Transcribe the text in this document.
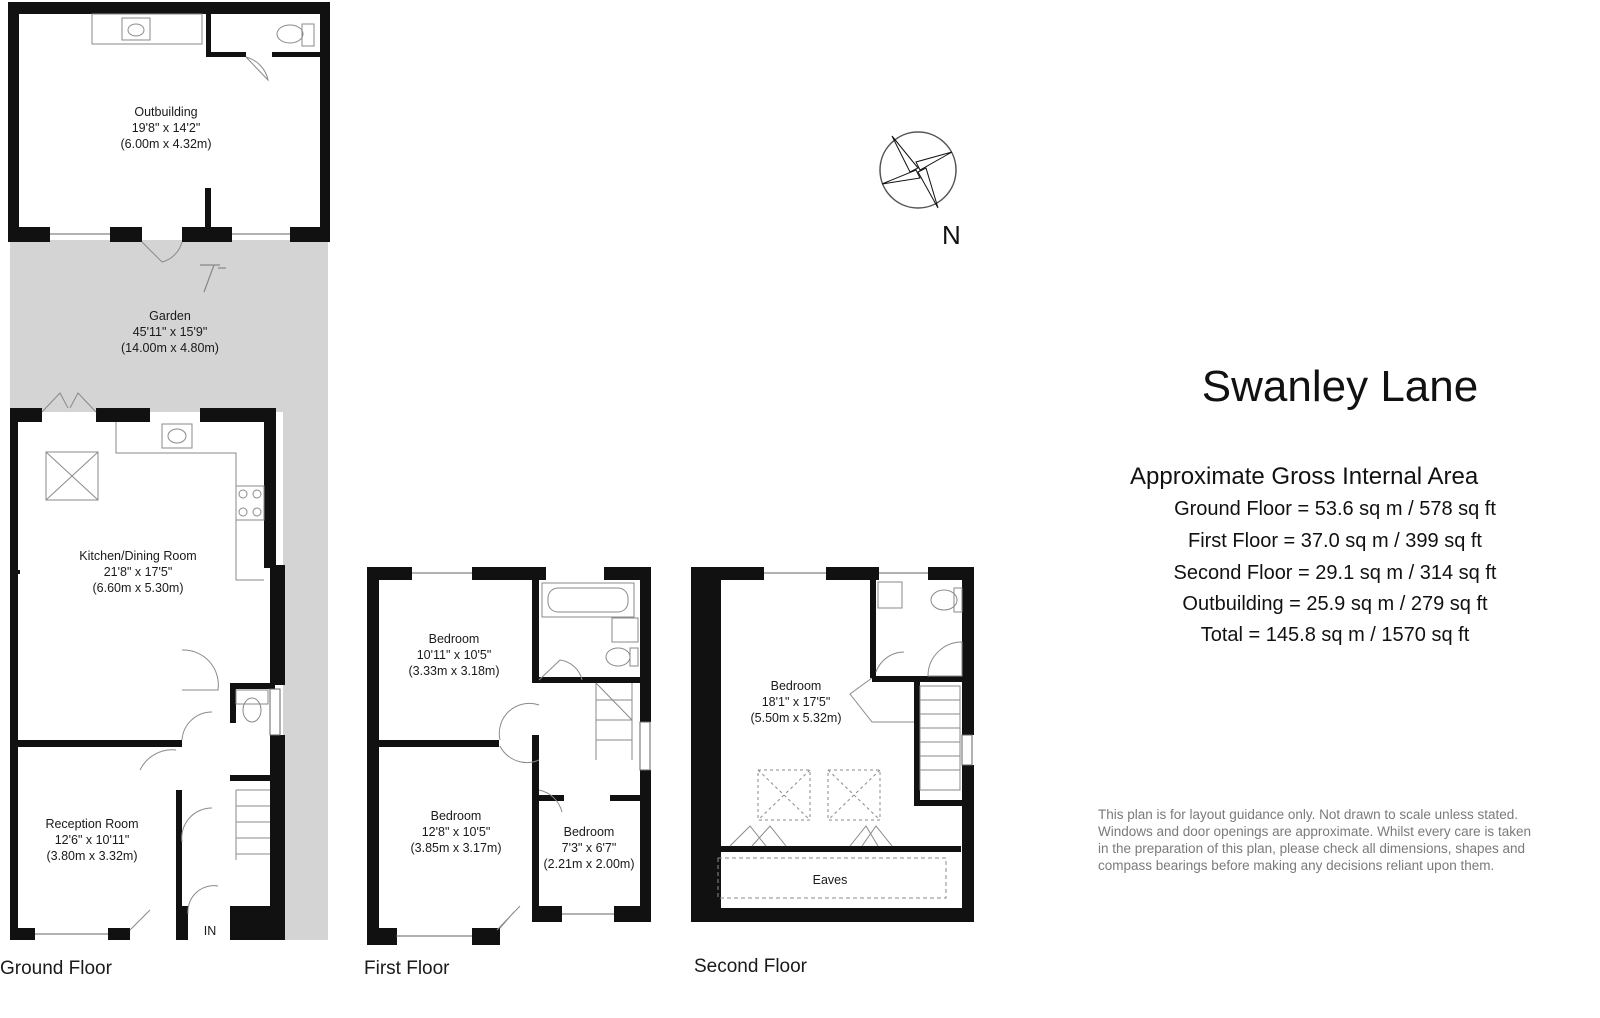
Outbuilding
19'8" x 14'2"
(6.00m x 4.32m)
Garden
45'11" x 15'9"
(14.00m x 4.80m)
Kitchen/Dining Room
21'8" x 17'5"
(6.60m x 5.30m)
Reception Room
12'6" x 10'11"
(3.80m x 3.32m)
IN
Bedroom
10'11" x 10'5"
(3.33m x 3.18m)
Bedroom
12'8" x 10'5"
(3.85m x 3.17m)
Bedroom
7'3" x 6'7"
(2.21m x 2.00m)
Bedroom
18'1" x 17'5"
(5.50m x 5.32m)
Eaves
N
Ground Floor	First Floor	Second Floor
Swanley Lane
Approximate Gross Internal Area
Ground Floor = 53.6 sq m / 578 sq ft
First Floor = 37.0 sq m / 399 sq ft
Second Floor = 29.1 sq m / 314 sq ft
Outbuilding = 25.9 sq m / 279 sq ft
Total = 145.8 sq m / 1570 sq ft
This plan is for layout guidance only. Not drawn to scale unless stated.
Windows and door openings are approximate. Whilst every care is taken
in the preparation of this plan, please check all dimensions, shapes and
compass bearings before making any decisions reliant upon them.
